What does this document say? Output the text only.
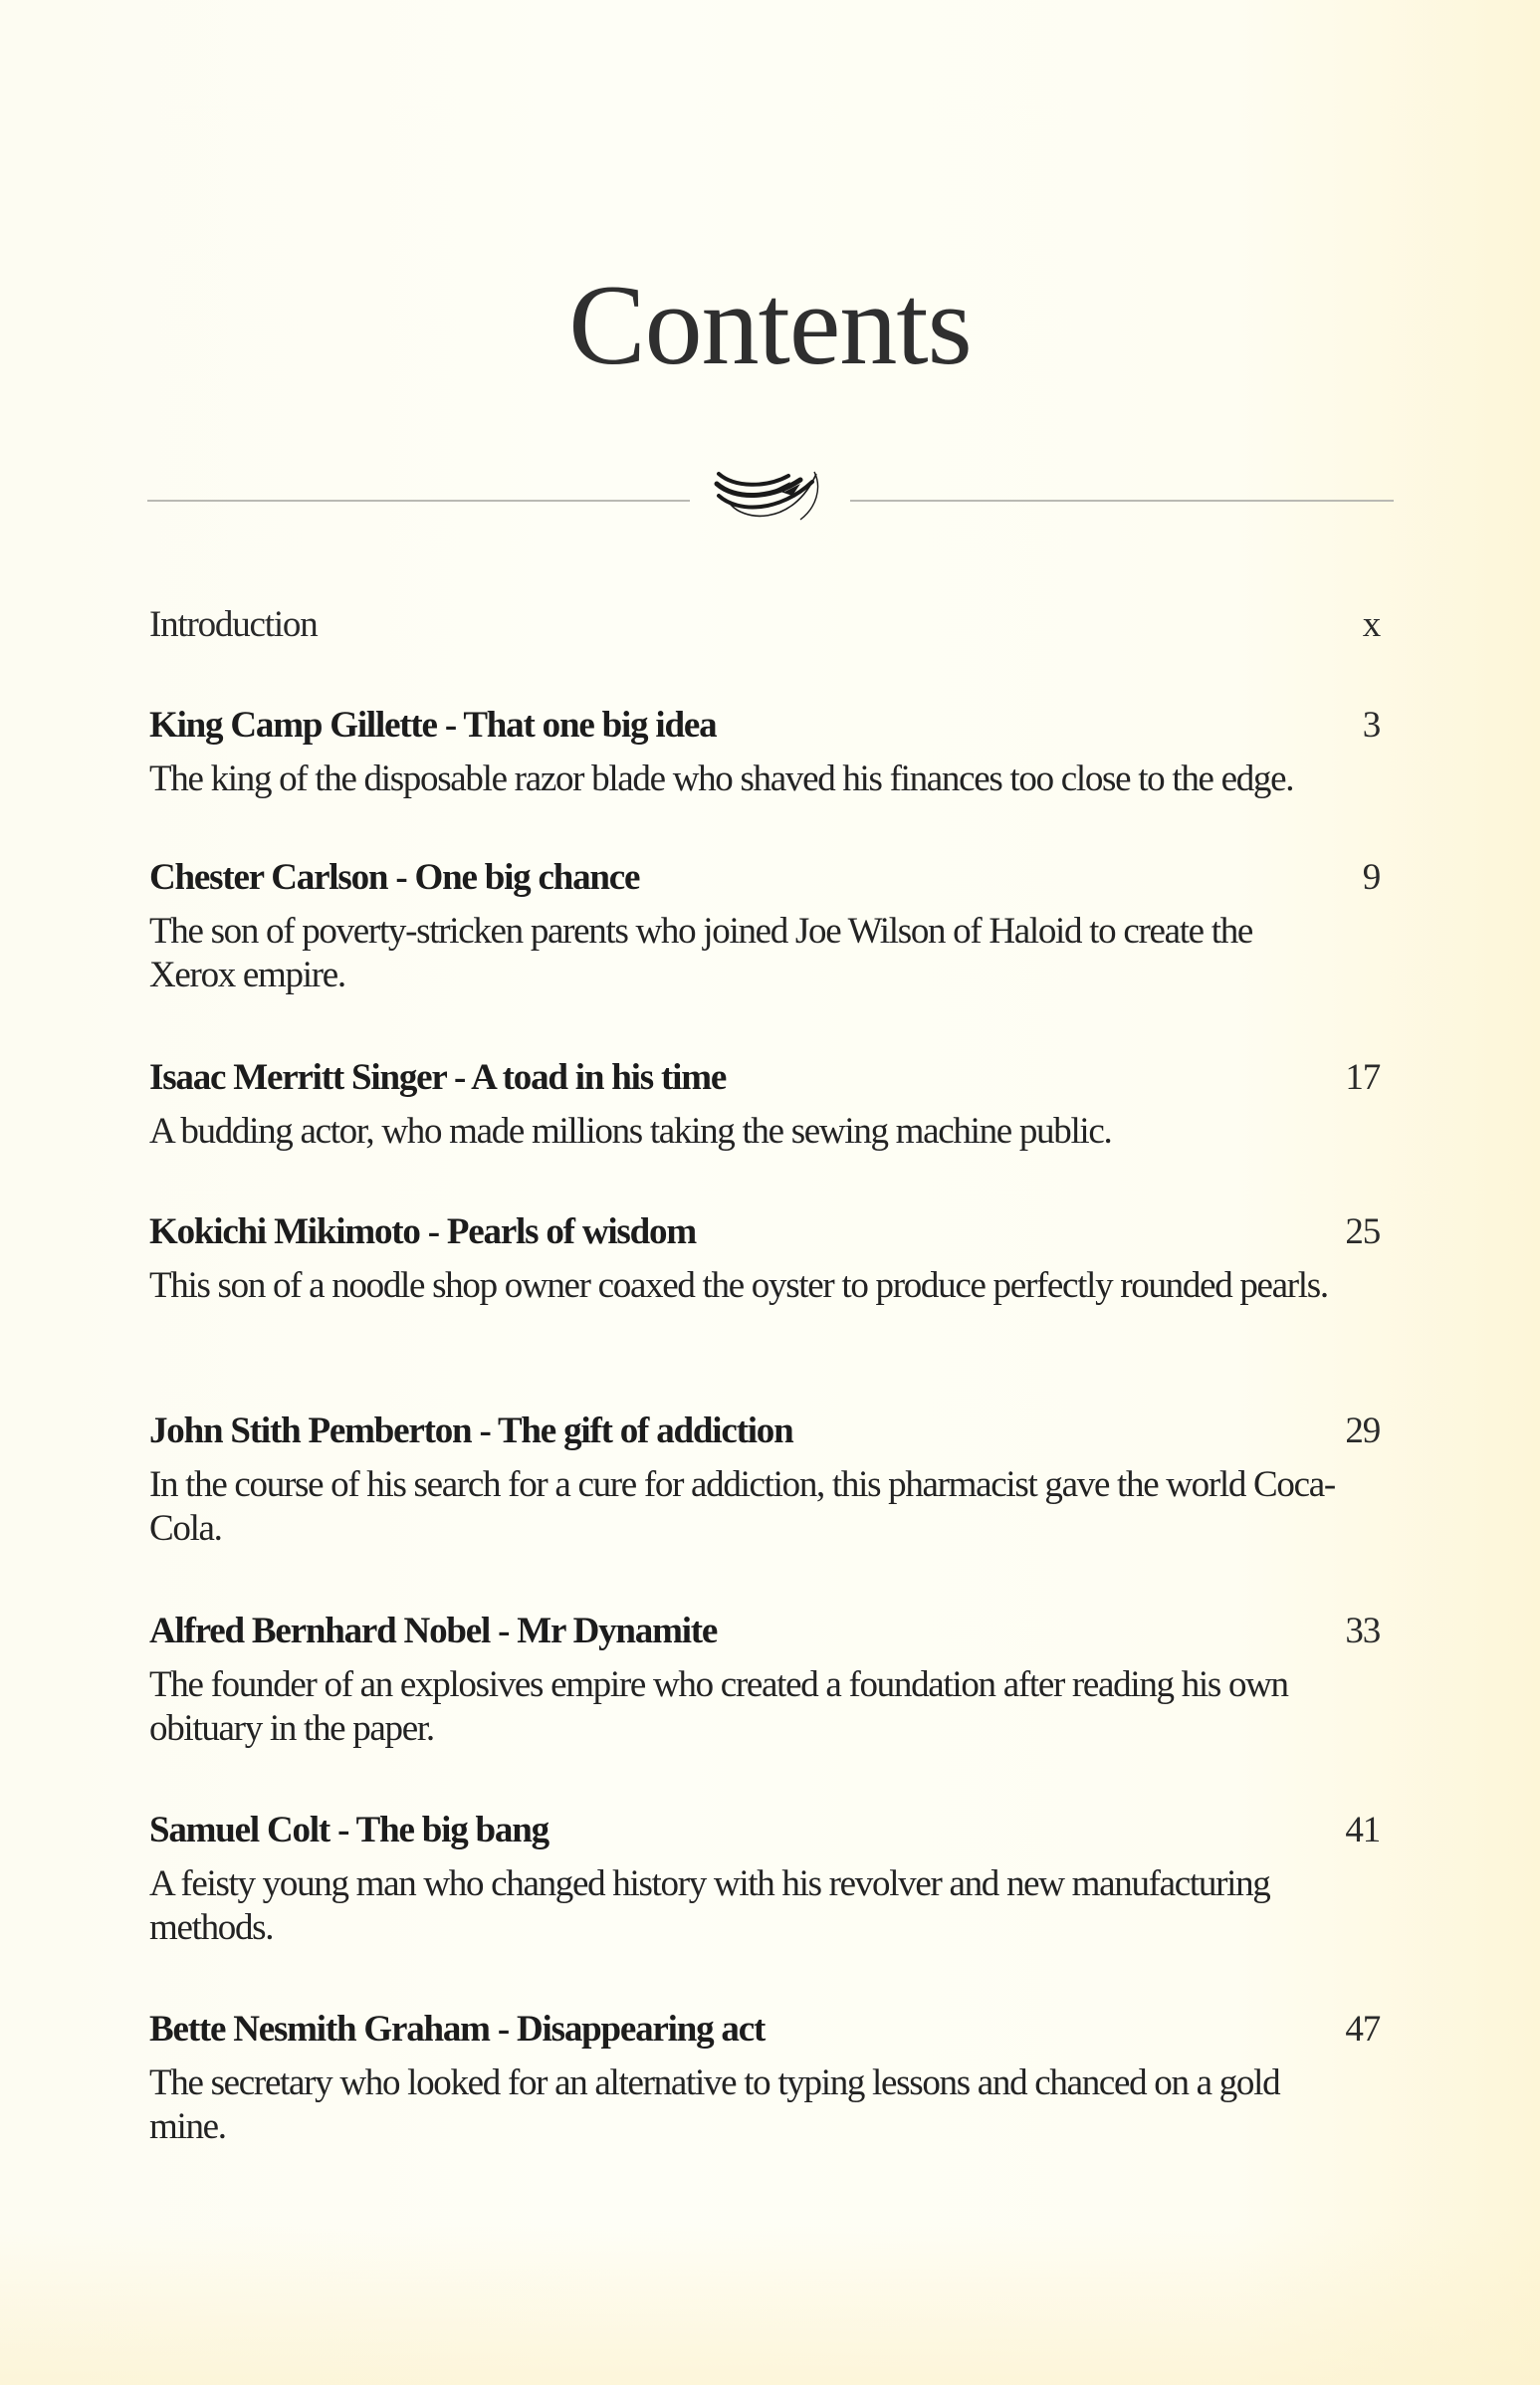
Contents
Introduction	x
King Camp Gillette - That one big idea	3
The king of the disposable razor blade who shaved his finances too close to the edge.
Chester Carlson - One big chance	9
The son of poverty-stricken parents who joined Joe Wilson of Haloid to create the Xerox empire.
Isaac Merritt Singer - A toad in his time	17
A budding actor, who made millions taking the sewing machine public.
Kokichi Mikimoto - Pearls of wisdom	25
This son of a noodle shop owner coaxed the oyster to produce perfectly rounded pearls.
John Stith Pemberton - The gift of addiction	29
In the course of his search for a cure for addiction, this pharmacist gave the world Coca-Cola.
Alfred Bernhard Nobel - Mr Dynamite	33
The founder of an explosives empire who created a foundation after reading his own obituary in the paper.
Samuel Colt - The big bang	41
A feisty young man who changed history with his revolver and new manufacturing methods.
Bette Nesmith Graham - Disappearing act	47
The secretary who looked for an alternative to typing lessons and chanced on a gold mine.
